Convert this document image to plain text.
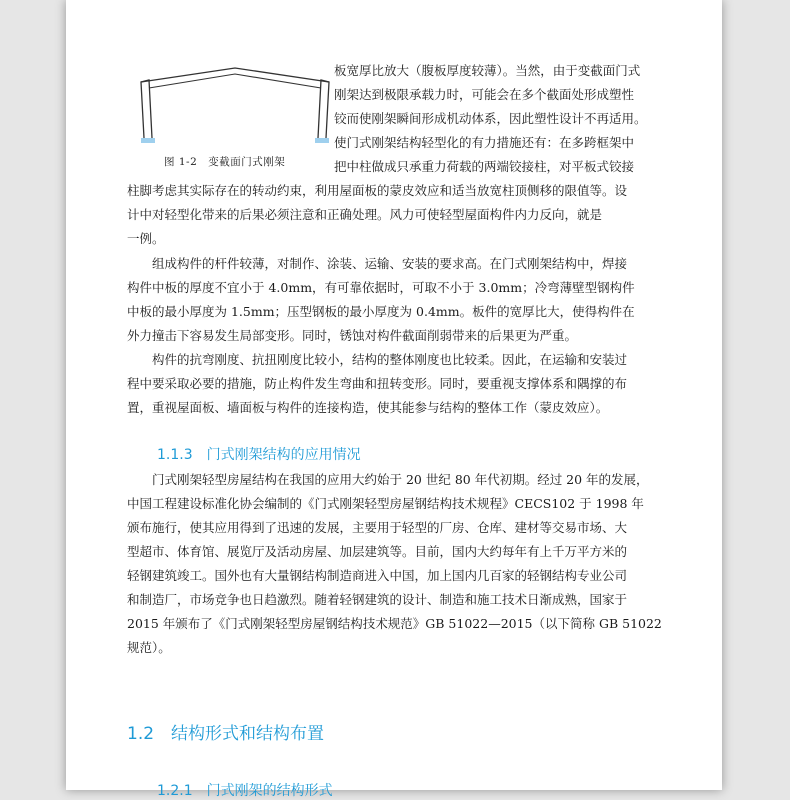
图 1-2　变截面门式刚架
板宽厚比放大（腹板厚度较薄）。当然，由于变截面门式
刚架达到极限承载力时，可能会在多个截面处形成塑性
铰而使刚架瞬间形成机动体系，因此塑性设计不再适用。
使门式刚架结构轻型化的有力措施还有：在多跨框架中
把中柱做成只承重力荷载的两端铰接柱，对平板式铰接
柱脚考虑其实际存在的转动约束，利用屋面板的蒙皮效应和适当放宽柱顶侧移的限值等。设
计中对轻型化带来的后果必须注意和正确处理。风力可使轻型屋面构件内力反向，就是
一例。
　　组成构件的杆件较薄，对制作、涂装、运输、安装的要求高。在门式刚架结构中，焊接
构件中板的厚度不宜小于 4.0mm，有可靠依据时，可取不小于 3.0mm；冷弯薄壁型钢构件
中板的最小厚度为 1.5mm；压型钢板的最小厚度为 0.4mm。板件的宽厚比大，使得构件在
外力撞击下容易发生局部变形。同时，锈蚀对构件截面削弱带来的后果更为严重。
　　构件的抗弯刚度、抗扭刚度比较小，结构的整体刚度也比较柔。因此，在运输和安装过
程中要采取必要的措施，防止构件发生弯曲和扭转变形。同时，要重视支撑体系和隅撑的布
置，重视屋面板、墙面板与构件的连接构造，使其能参与结构的整体工作（蒙皮效应）。
1.1.3　门式刚架结构的应用情况
　　门式刚架轻型房屋结构在我国的应用大约始于 20 世纪 80 年代初期。经过 20 年的发展，
中国工程建设标准化协会编制的《门式刚架轻型房屋钢结构技术规程》CECS102 于 1998 年
颁布施行，使其应用得到了迅速的发展，主要用于轻型的厂房、仓库、建材等交易市场、大
型超市、体育馆、展览厅及活动房屋、加层建筑等。目前，国内大约每年有上千万平方米的
轻钢建筑竣工。国外也有大量钢结构制造商进入中国，加上国内几百家的轻钢结构专业公司
和制造厂，市场竞争也日趋激烈。随着轻钢建筑的设计、制造和施工技术日渐成熟，国家于
2015 年颁布了《门式刚架轻型房屋钢结构技术规范》GB 51022—2015（以下简称 GB 51022
规范）。
1.2　结构形式和结构布置
1.2.1　门式刚架的结构形式
